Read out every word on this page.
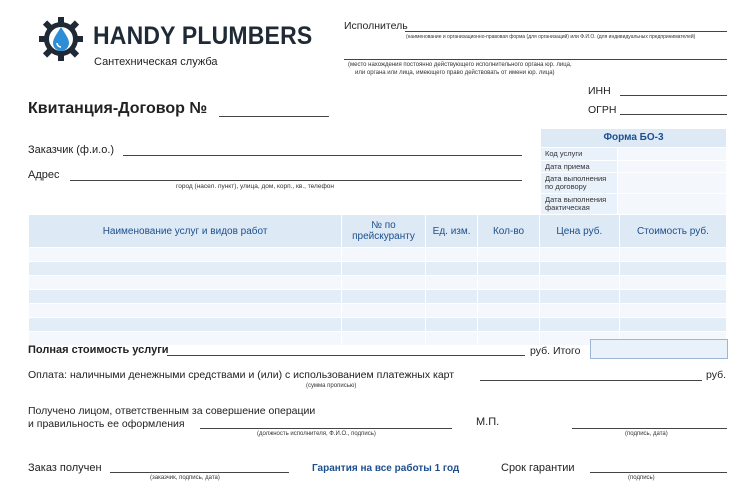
HANDY PLUMBERS
Сантехническая служба
Исполнитель
(наименование и организационно-правовая форма (для организаций) или Ф.И.О. (для индивидуальных предпринимателей)
(место нахождения постоянно действующего исполнительного органа юр. лица,
или органа или лица, имеющего право действовать от имени юр. лица)
ИНН
ОГРН
Квитанция-Договор №
Заказчик (ф.и.о.)
Адрес
город (насел. пункт), улица, дом, корп., кв., телефон
Форма БО-3	
Код услуги	
Дата приема	
Дата выполнения по договору	
Дата выполнения фактическая	
Наименование услуг и видов работ	№ по прейскуранту	Ед. изм.	Кол-во	Цена руб.	Стоимость руб.

Полная стоимость услуги	руб. Итого
Оплата: наличными денежными средствами и (или) с использованием платежных карт	руб.
(сумма прописью)
Получено лицом, ответственным за совершение операции
и правильность ее оформления
(должность исполнителя, Ф.И.О., подпись)
М.П.
(подпись, дата)
Заказ получен
(заказчик, подпись, дата)
Гарантия на все работы 1 год	Срок гарантии
(подпись)
